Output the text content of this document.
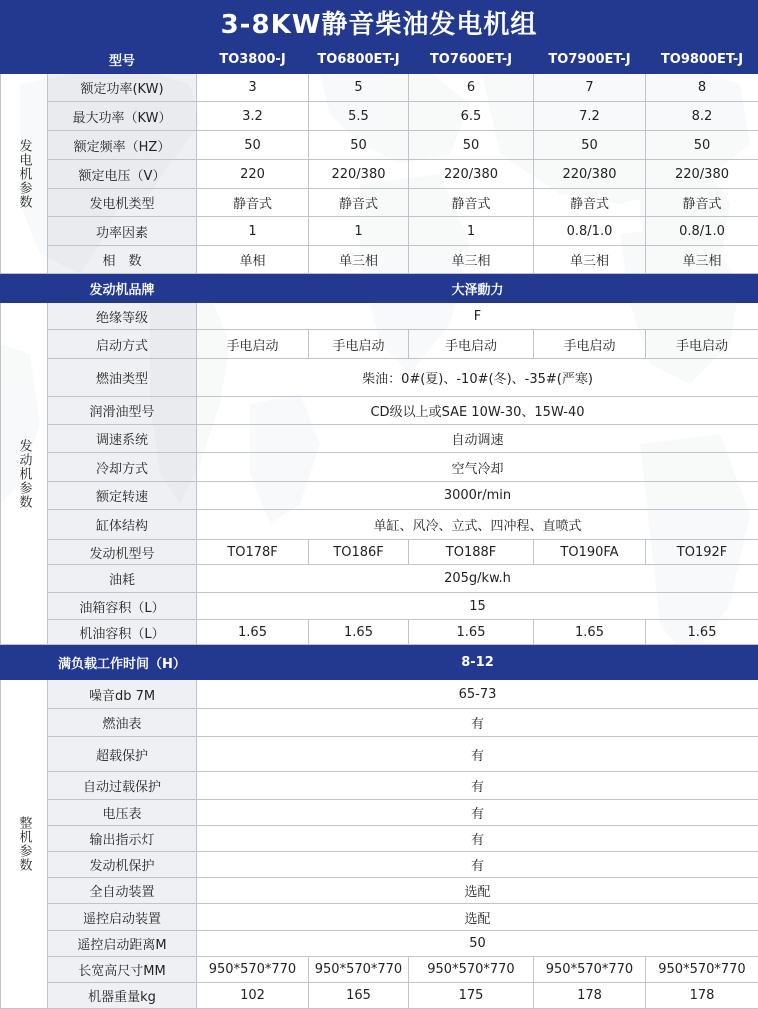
3-8KW静音柴油发电机组
	型号	TO3800-J	TO6800ET-J	TO7600ET-J	TO7900ET-J	TO9800ET-J
发电机参数	额定功率(KW)	3	5	6	7	8
	最大功率（KW）	3.2	5.5	6.5	7.2	8.2
	额定频率（HZ）	50	50	50	50	50
	额定电压（V）	220	220/380	220/380	220/380	220/380
	发电机类型	静音式	静音式	静音式	静音式	静音式
	功率因素	1	1	1	0.8/1.0	0.8/1.0
	相　数	单相	单三相	单三相	单三相	单三相
	发动机品牌	大泽動力				
发动机参数	绝缘等级	F				
	启动方式	手电启动	手电启动	手电启动	手电启动	手电启动
	燃油类型	柴油：0#(夏)、-10#(冬)、-35#(严寒)				
	润滑油型号	CD级以上或SAE 10W-30、15W-40				
	调速系统	自动调速				
	冷却方式	空气冷却				
	额定转速	3000r/min				
	缸体结构	单缸、风冷、立式、四冲程、直喷式				
	发动机型号	TO178F	TO186F	TO188F	TO190FA	TO192F
	油耗	205g/kw.h				
	油箱容积（L）	15				
	机油容积（L）	1.65	1.65	1.65	1.65	1.65
	满负载工作时间（H）	8-12				
整机参数	噪音db 7M	65-73				
	燃油表	有				
	超载保护	有				
	自动过载保护	有				
	电压表	有				
	输出指示灯	有				
	发动机保护	有				
	全自动装置	选配				
	遥控启动装置	选配				
	遥控启动距离M	50				
	长宽高尺寸MM	950*570*770	950*570*770	950*570*770	950*570*770	950*570*770
	机器重量kg	102	165	175	178	178
